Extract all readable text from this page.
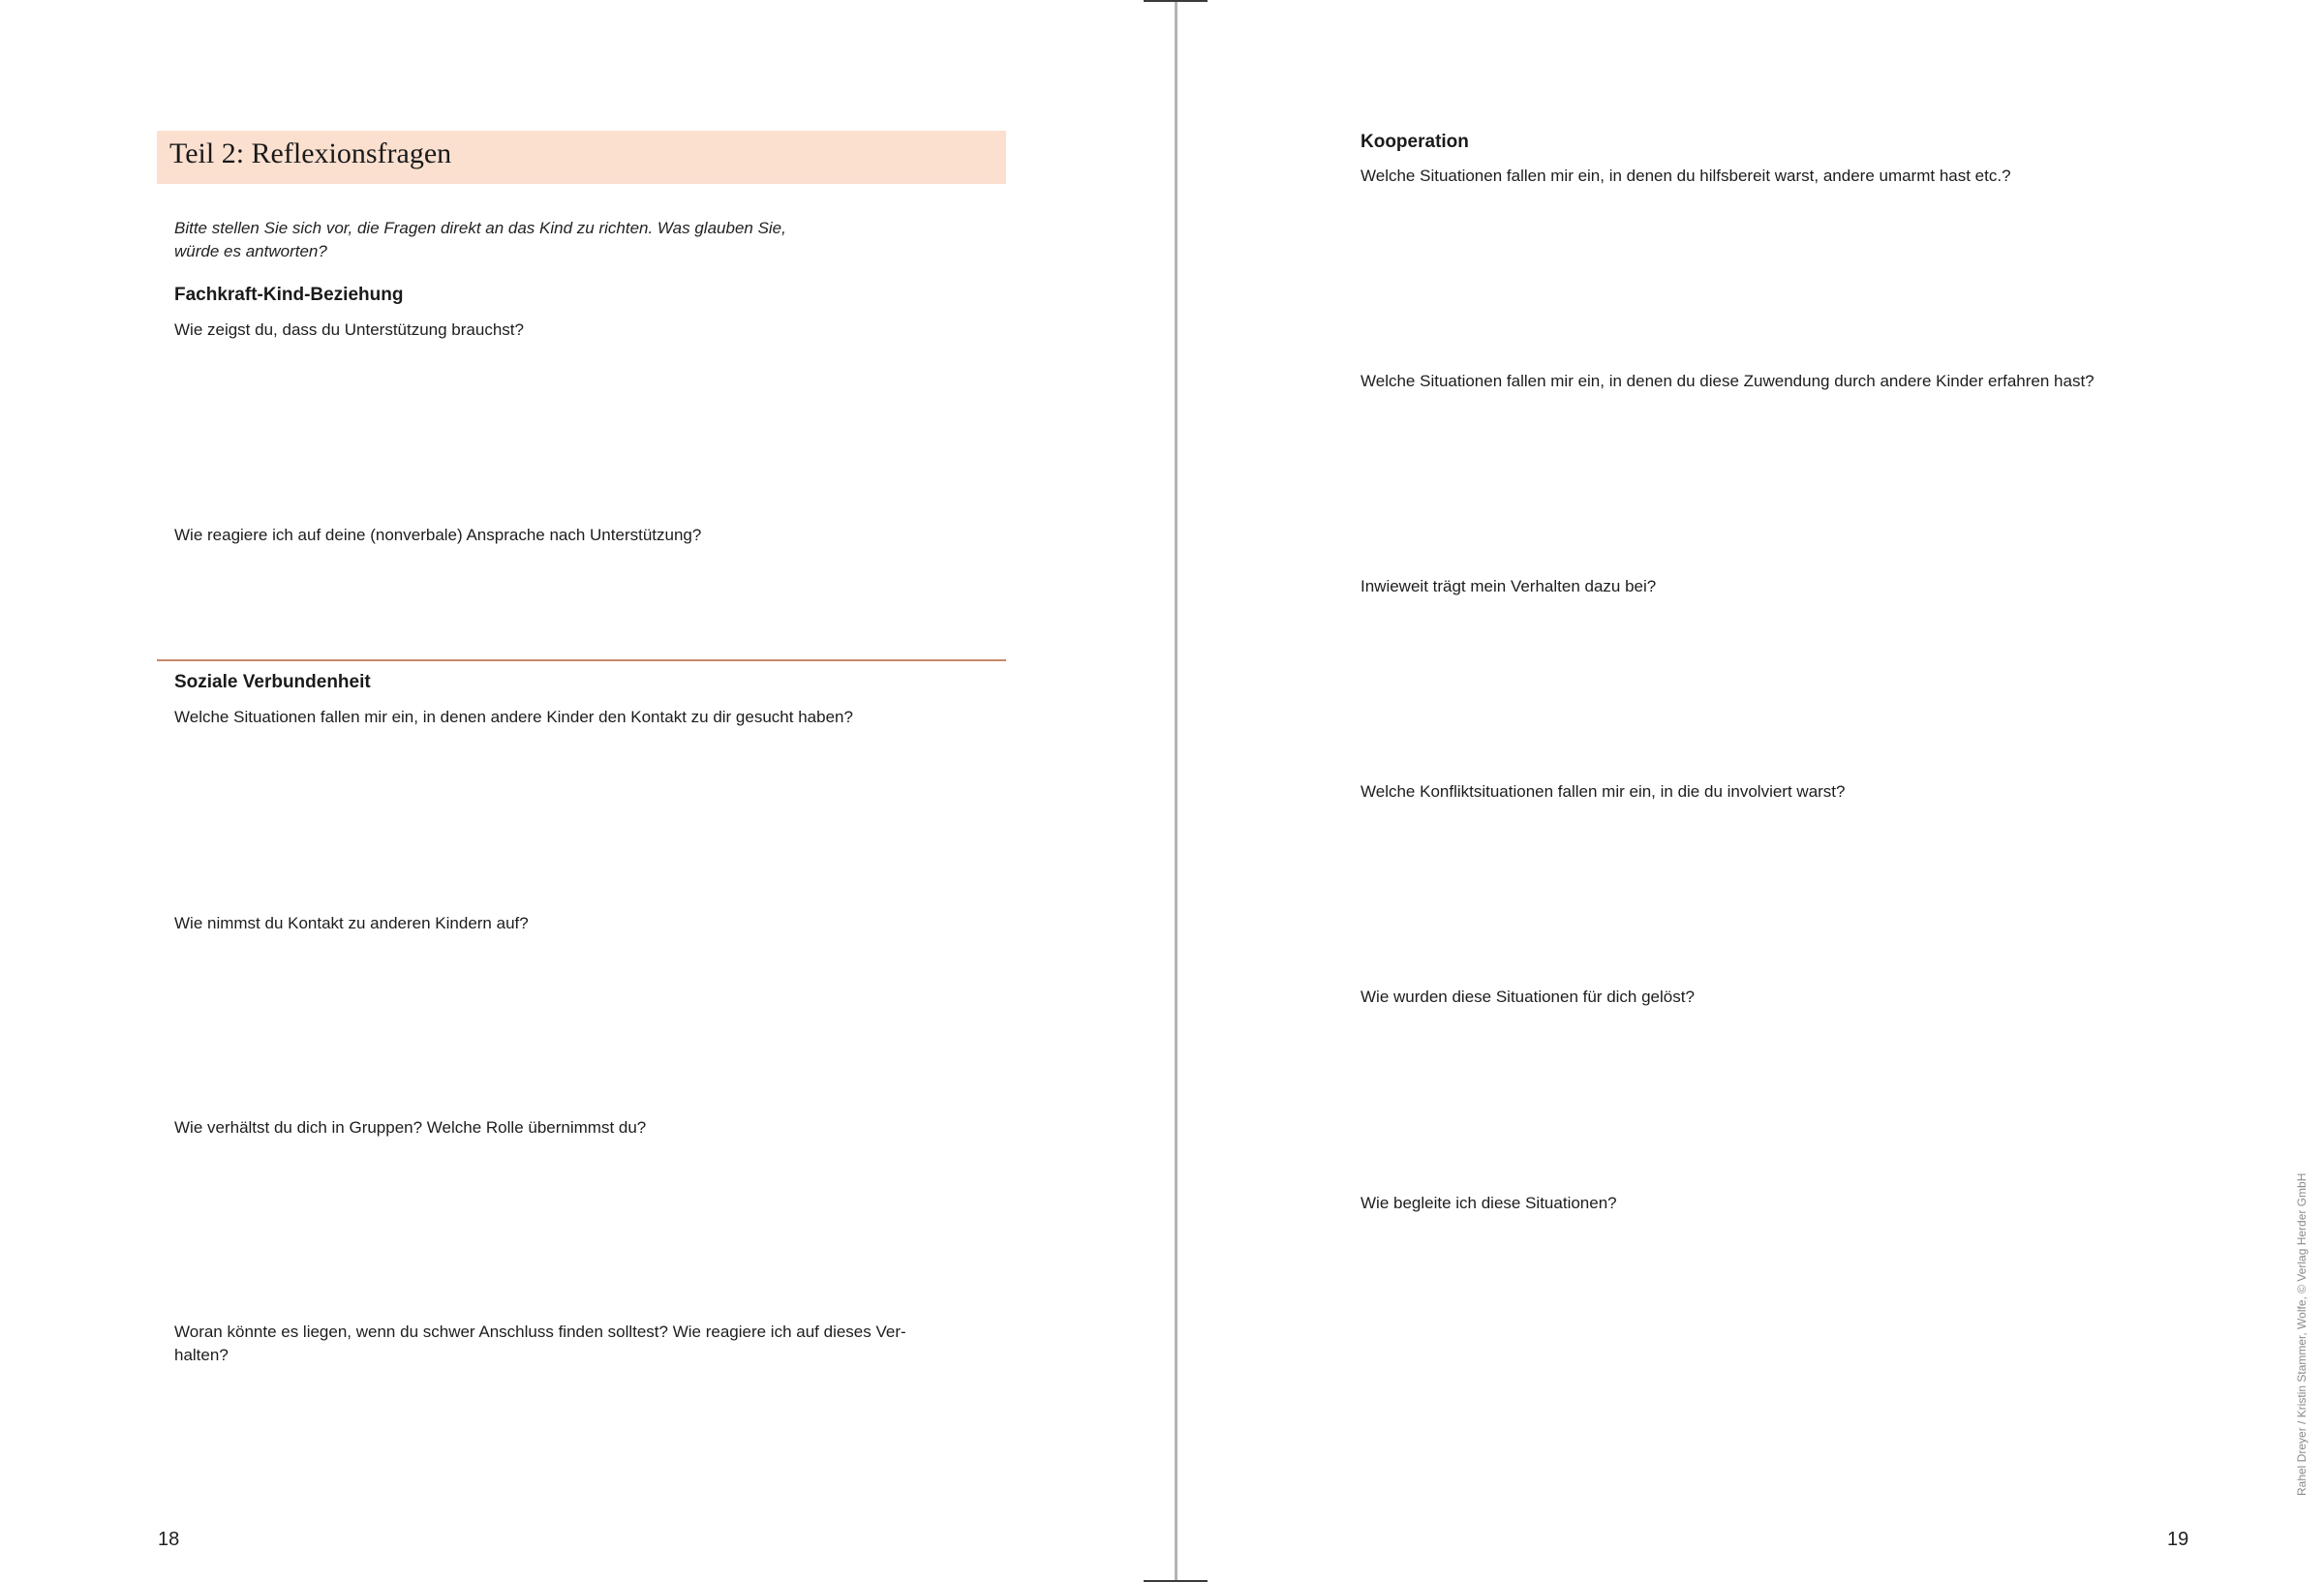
Teil 2: Reflexionsfragen
Bitte stellen Sie sich vor, die Fragen direkt an das Kind zu richten. Was glauben Sie,
würde es antworten?
Fachkraft-Kind-Beziehung
Wie zeigst du, dass du Unterstützung brauchst?
Wie reagiere ich auf deine (nonverbale) Ansprache nach Unterstützung?
Soziale Verbundenheit
Welche Situationen fallen mir ein, in denen andere Kinder den Kontakt zu dir gesucht haben?
Wie nimmst du Kontakt zu anderen Kindern auf?
Wie verhältst du dich in Gruppen? Welche Rolle übernimmst du?
Woran könnte es liegen, wenn du schwer Anschluss finden solltest? Wie reagiere ich auf dieses Ver-
halten?
18
Kooperation
Welche Situationen fallen mir ein, in denen du hilfsbereit warst, andere umarmt hast etc.?
Welche Situationen fallen mir ein, in denen du diese Zuwendung durch andere Kinder erfahren hast?
Inwieweit trägt mein Verhalten dazu bei?
Welche Konfliktsituationen fallen mir ein, in die du involviert warst?
Wie wurden diese Situationen für dich gelöst?
Wie begleite ich diese Situationen?	Rahel Dreyer / Kristin Stammer, Wolfe, © Verlag Herder GmbH
19
